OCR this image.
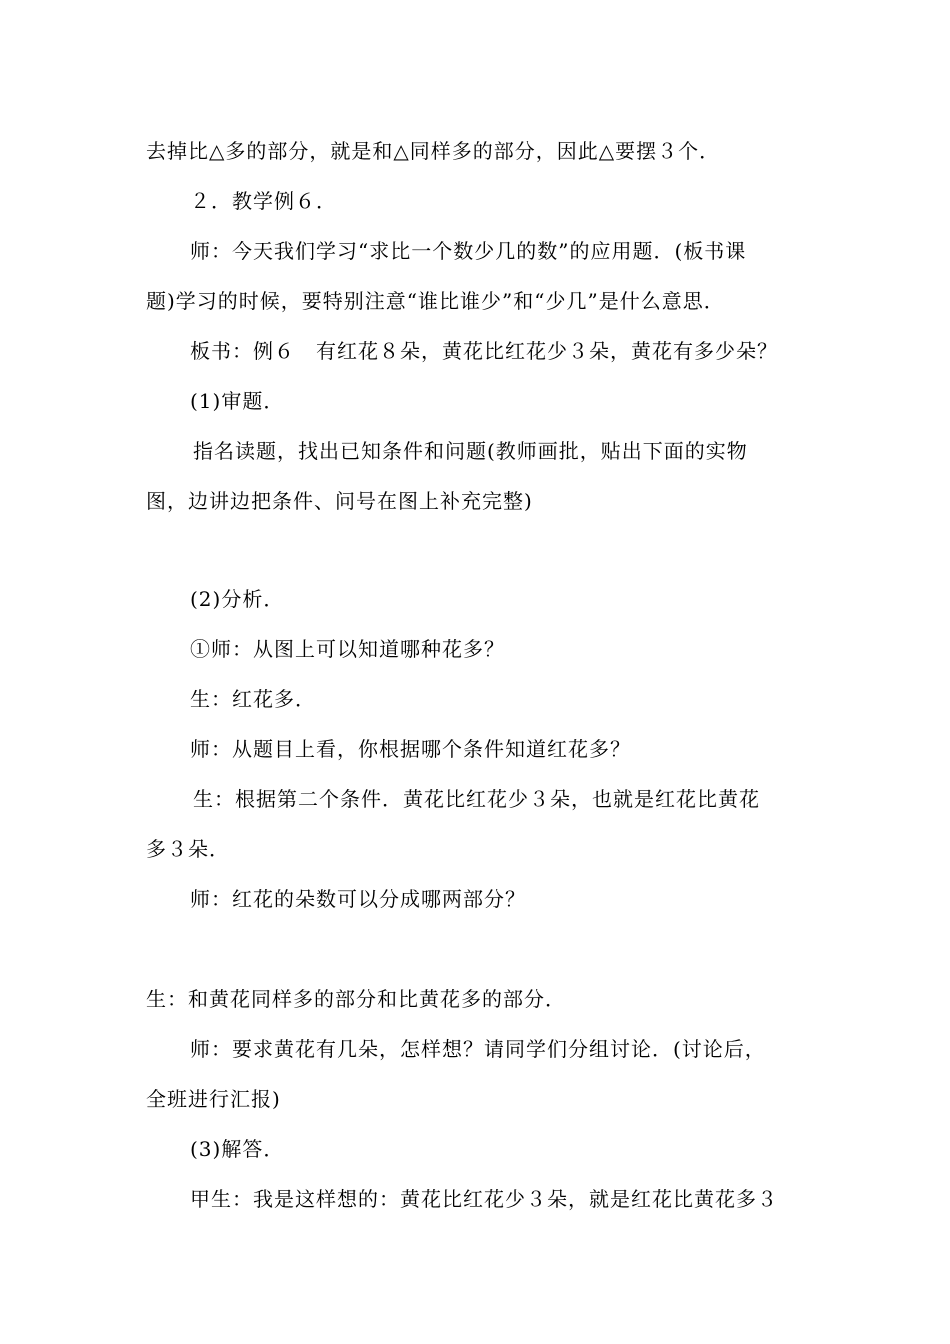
去掉比△多的部分，就是和△同样多的部分，因此△要摆３个．
２．教学例６．
师：今天我们学习“求比一个数少几的数”的应用题．(板书课
题)学习的时候，要特别注意“谁比谁少”和“少几”是什么意思．
板书：例６　有红花８朵，黄花比红花少３朵，黄花有多少朵？
(1)审题．
指名读题，找出已知条件和问题(教师画批，贴出下面的实物
图，边讲边把条件、问号在图上补充完整)
(2)分析．
①师：从图上可以知道哪种花多？
生：红花多．
师：从题目上看，你根据哪个条件知道红花多？
生：根据第二个条件．黄花比红花少３朵，也就是红花比黄花
多３朵．
师：红花的朵数可以分成哪两部分？
生：和黄花同样多的部分和比黄花多的部分．
师：要求黄花有几朵，怎样想？请同学们分组讨论．(讨论后，
全班进行汇报)
(3)解答．
甲生：我是这样想的：黄花比红花少３朵，就是红花比黄花多３
